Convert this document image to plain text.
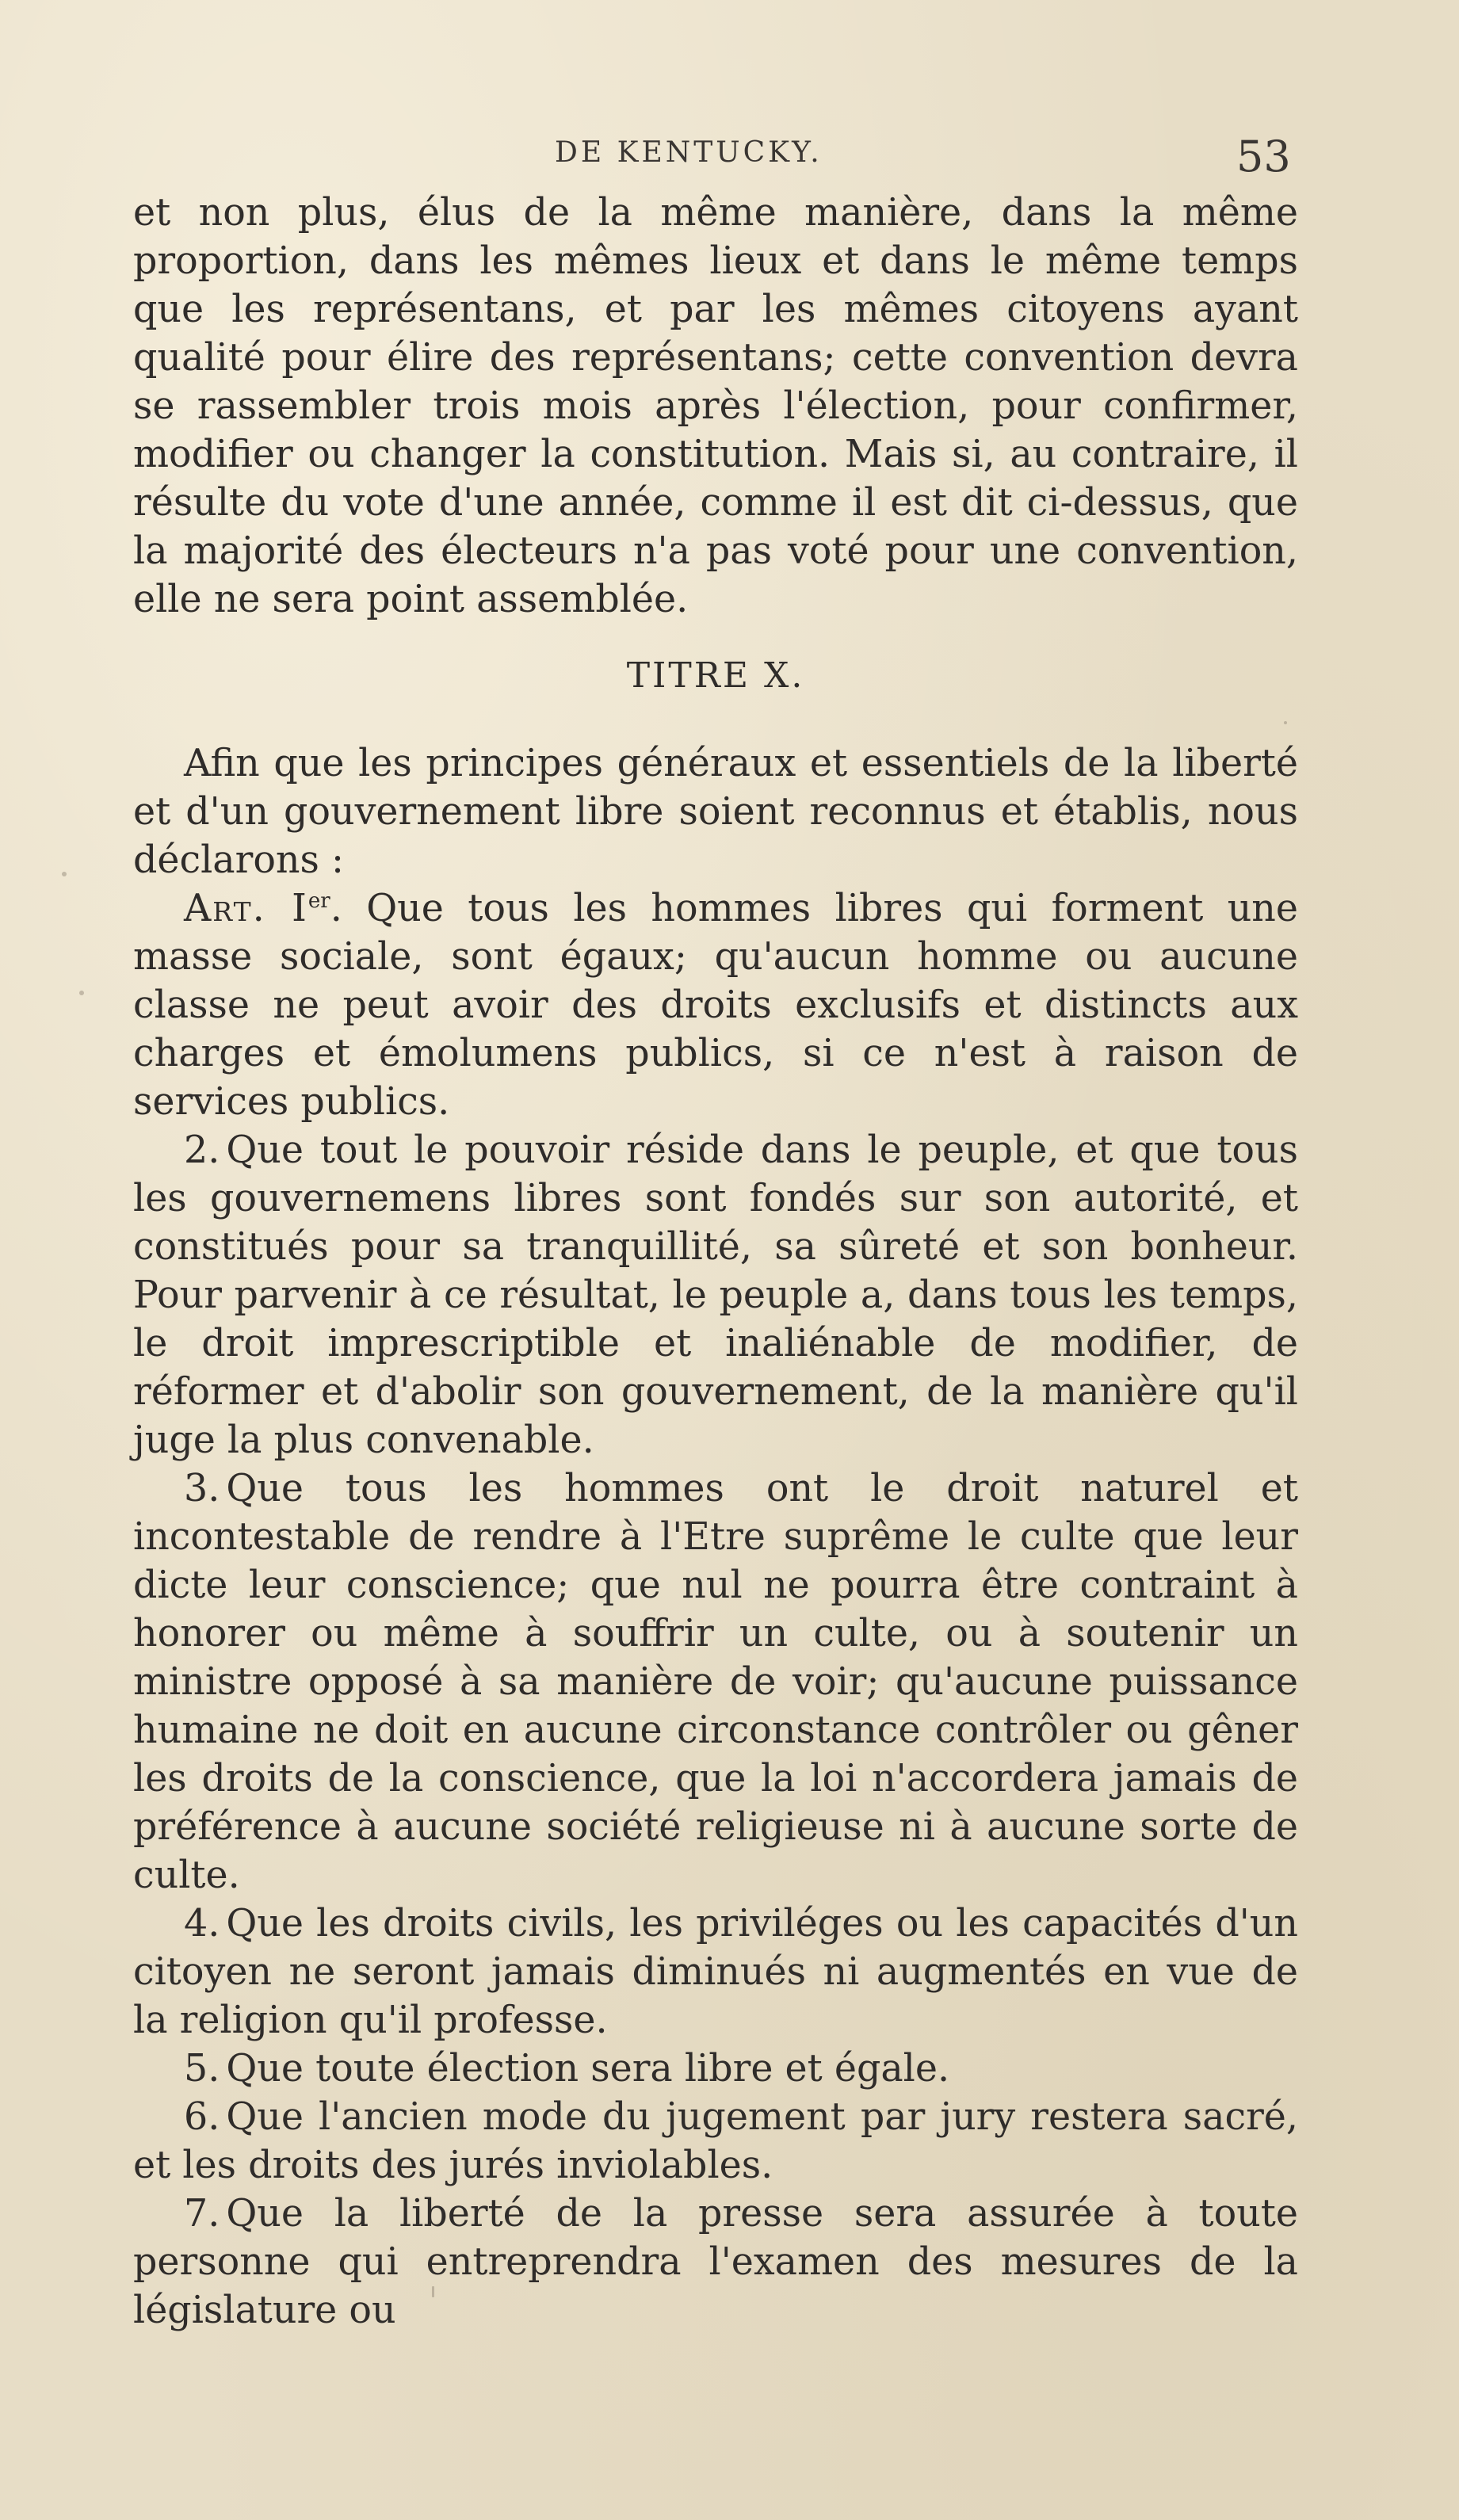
DE KENTUCKY.	53

et non plus, élus de la même manière, dans la même proportion, dans les mêmes lieux et dans le même temps que les représentans, et par les mêmes citoyens ayant qualité pour élire des représentans; cette convention devra se rassembler trois mois après l'élection, pour confirmer, modifier ou changer la constitution. Mais si, au contraire, il résulte du vote d'une année, comme il est dit ci-dessus, que la majorité des électeurs n'a pas voté pour une convention, elle ne sera point assemblée.

TITRE X.

Afin que les principes généraux et essentiels de la liberté et d'un gouvernement libre soient reconnus et établis, nous déclarons :

Art. Ier. Que tous les hommes libres qui forment une masse sociale, sont égaux; qu'aucun homme ou aucune classe ne peut avoir des droits exclusifs et distincts aux charges et émolumens publics, si ce n'est à raison de services publics.

2. Que tout le pouvoir réside dans le peuple, et que tous les gouvernemens libres sont fondés sur son autorité, et constitués pour sa tranquillité, sa sûreté et son bonheur. Pour parvenir à ce résultat, le peuple a, dans tous les temps, le droit imprescriptible et inaliénable de modifier, de réformer et d'abolir son gouvernement, de la manière qu'il juge la plus convenable.

3. Que tous les hommes ont le droit naturel et incontestable de rendre à l'Etre suprême le culte que leur dicte leur conscience; que nul ne pourra être contraint à honorer ou même à souffrir un culte, ou à soutenir un ministre opposé à sa manière de voir; qu'aucune puissance humaine ne doit en aucune circonstance contrôler ou gêner les droits de la conscience, que la loi n'accordera jamais de préférence à aucune société religieuse ni à aucune sorte de culte.

4. Que les droits civils, les priviléges ou les capacités d'un citoyen ne seront jamais diminués ni augmentés en vue de la religion qu'il professe.

5. Que toute élection sera libre et égale.

6. Que l'ancien mode du jugement par jury restera sacré, et les droits des jurés inviolables.

7. Que la liberté de la presse sera assurée à toute personne qui entreprendra l'examen des mesures de la législature ou
